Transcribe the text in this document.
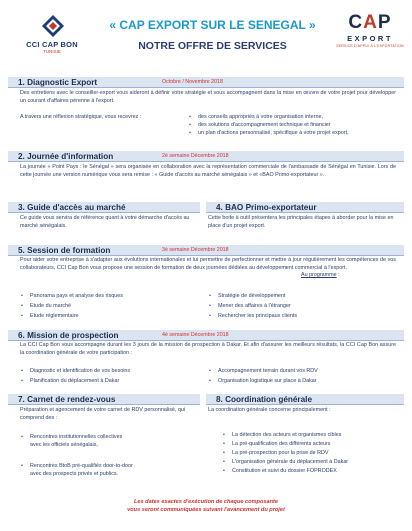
CCI CAP BON
TUNISIE
« CAP EXPORT SUR LE SENEGAL »
NOTRE OFFRE DE SERVICES
CAP
EXPORT
SERVICE D'APPUI À L'EXPORTATION
1. Diagnostic Export	Octobre / Novembre 2018
Des entretiens avec le conseiller-export vous aideront à définir votre stratégie et vous accompagnent dans la mise en œuvre de votre projet pour développer un courant d'affaires pérenne à l'export.
A travers une réflexion stratégique, vous recevrez :
•	des conseils appropriés à votre organisation interne,
• des solutions d'accompagnement technique et financier
• un plan d'actions personnalisé, spécifique à votre projet export,
2. Journée d'information	2è semaine Décembre 2018
La journée « Point Pays : le Sénégal » sera organisée en collaboration avec la représentation commerciale de l'ambassade de Sénégal en Tunisie. Lors de cette journée une version numérique vous sera remise : « Guide d'accès au marché sénégalais » et «BAO Primo-exportateur ».
3. Guide d'accès au marché
Ce guide vous servira de référence quant à votre démarche d'accès au marché sénégalais.
4. BAO Primo-exportateur
Cette boite à outil présentera les principales étapes à aborder pour la mise en place d'un projet export.
5. Session de formation	3è semaine Décembre 2018
Pour aider votre entreprise à s'adapter aux évolutions internationales et lui permettre de perfectionner et mettre à jour régulièrement les compétences de vos collaborateurs, CCI Cap Bon vous propose une session de formation de deux journées dédiées au développement commercial à l'export.
Au programme :
• Panorama pays et analyse des risques
• Etude du marché
• Etude réglementaire
• Stratégie de développement
• Mener des affaires à l'étranger
• Rechercher les principaux clients
6. Mission de prospection	4è semaine Décembre 2018
La CCI Cap Bon vous accompagne durant les 3 jours de la mission de prospection à Dakar. Et afin d'assurer les meilleurs résultats, la CCI Cap Bon assure la coordination générale de votre participation :
• Diagnostic et identification de vos besoins
• Planification du déplacement à Dakar
• Accompagnement terrain durant vos RDV
• Organisation logistique sur place à Dakar
7. Carnet de rendez-vous
Préparation et agencement de votre carnet de RDV personnalisé, qui comprend des :
• Rencontres institutionnelles collectives
avec les officiels sénégalais,
• Rencontres BtoB pré-qualifiés door-to-door
avec des prospects privés et publics.
8. Coordination générale
La coordination générale concerne principalement :
• La détection des acteurs et organismes cibles
• La pré-qualification des différents acteurs
• La pré-prospection pour la prise de RDV
• L'organisation générale du déplacement à Dakar
• Constitution et suivi du dossier FOPRODEX
Les dates exactes d'exécution de chaque composante
vous seront communiquées suivant l'avancement du projet
